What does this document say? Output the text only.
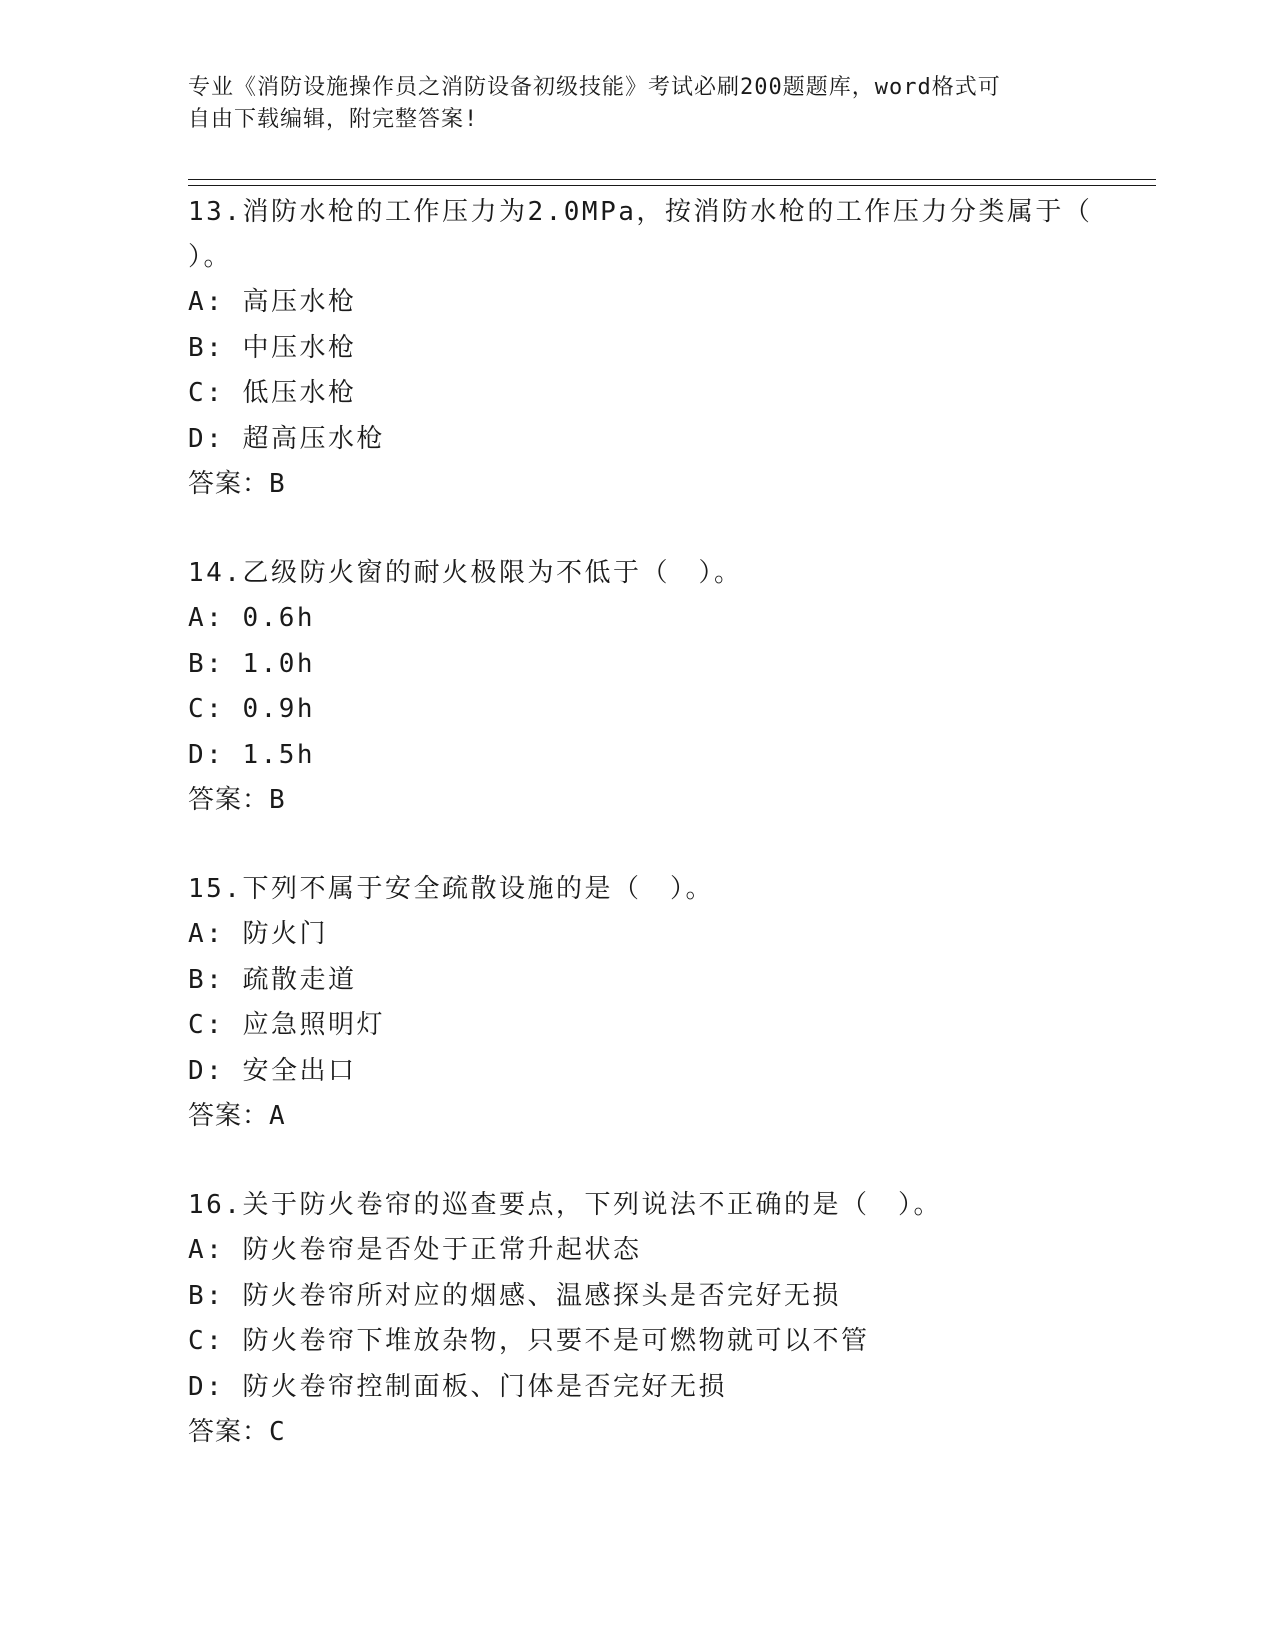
专业《消防设施操作员之消防设备初级技能》考试必刷200题题库，word格式可
自由下载编辑，附完整答案!
13.消防水枪的工作压力为2.0MPa，按消防水枪的工作压力分类属于（
）。
A: 高压水枪
B: 中压水枪
C: 低压水枪
D: 超高压水枪
答案：B
14.乙级防火窗的耐火极限为不低于（　）。
A: 0.6h
B: 1.0h
C: 0.9h
D: 1.5h
答案：B
15.下列不属于安全疏散设施的是（　）。
A: 防火门
B: 疏散走道
C: 应急照明灯
D: 安全出口
答案：A
16.关于防火卷帘的巡查要点，下列说法不正确的是（　）。
A: 防火卷帘是否处于正常升起状态
B: 防火卷帘所对应的烟感、温感探头是否完好无损
C: 防火卷帘下堆放杂物，只要不是可燃物就可以不管
D: 防火卷帘控制面板、门体是否完好无损
答案：C
